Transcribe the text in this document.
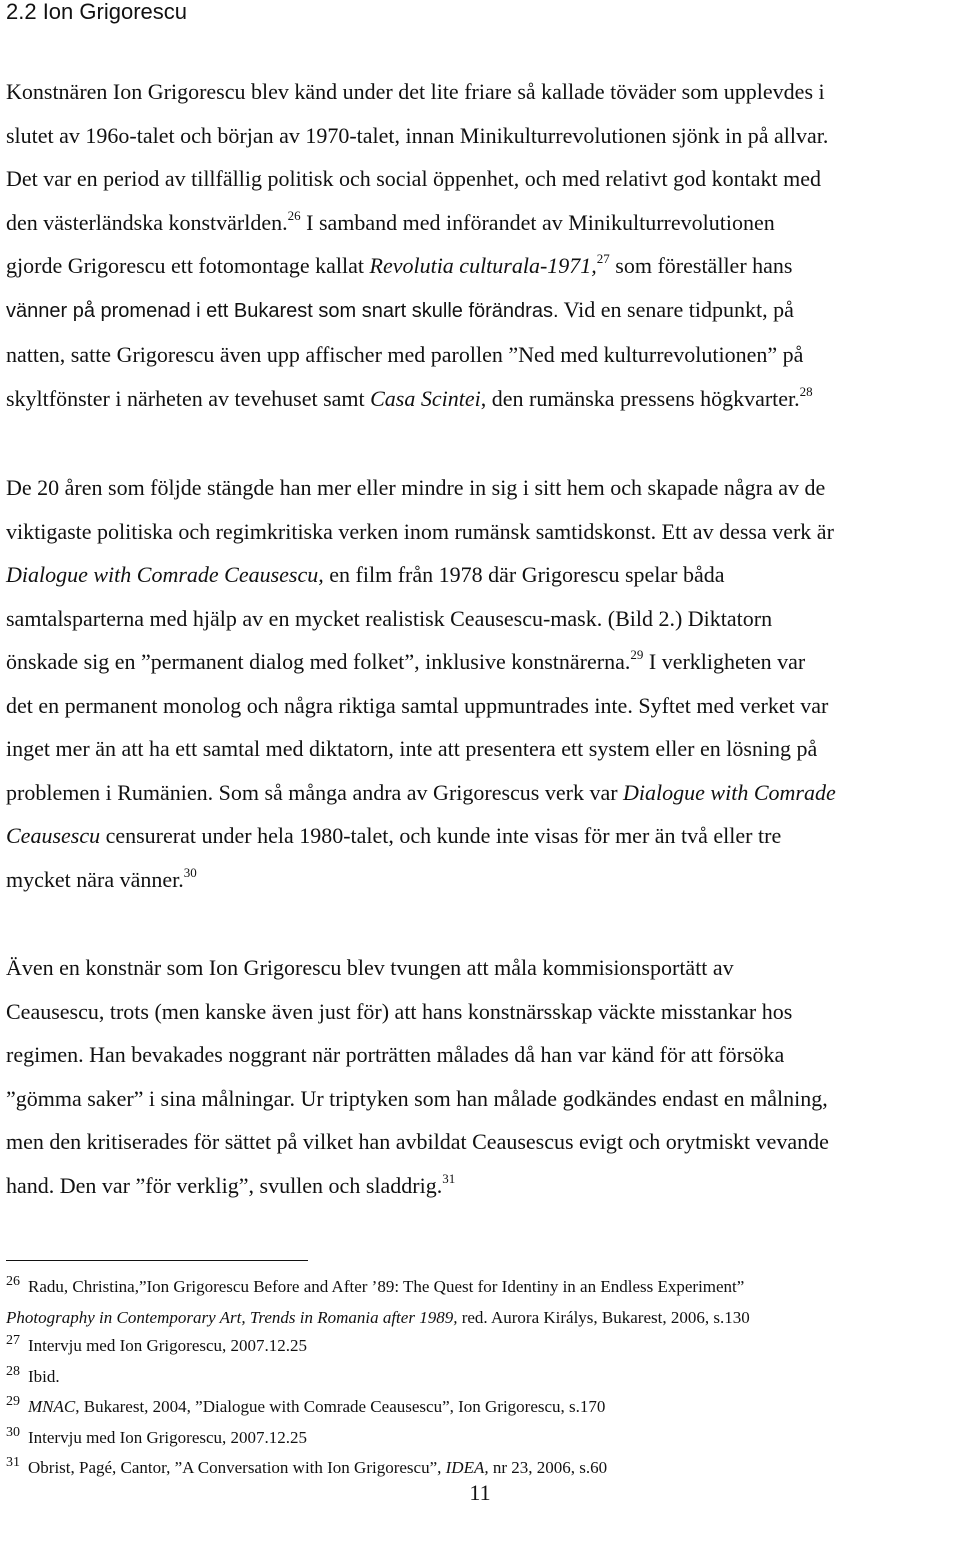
2.2 Ion Grigorescu

Konstnären Ion Grigorescu blev känd under det lite friare så kallade töväder som upplevdes i
slutet av 196o-talet och början av 1970-talet, innan Minikulturrevolutionen sjönk in på allvar.
Det var en period av tillfällig politisk och social öppenhet, och med relativt god kontakt med
den västerländska konstvärlden.$^{26}$ I samband med införandet av Minikulturrevolutionen
gjorde Grigorescu ett fotomontage kallat Revolutia culturala-1971,27 som föreställer hans
vänner på promenad i ett Bukarest som snart skulle förändras. Vid en senare tidpunkt, på
natten, satte Grigorescu även upp affischer med parollen ”Ned med kulturrevolutionen” på
skyltfönster i närheten av tevehuset samt Casa Scintei, den rumänska pressens högkvarter.$^{28}$

De 20 åren som följde stängde han mer eller mindre in sig i sitt hem och skapade några av de
viktigaste politiska och regimkritiska verken inom rumänsk samtidskonst. Ett av dessa verk är
Dialogue with Comrade Ceausescu, en film från 1978 där Grigorescu spelar båda
samtalsparterna med hjälp av en mycket realistisk Ceausescu-mask. (Bild 2.) Diktatorn
önskade sig en ”permanent dialog med folket”, inklusive konstnärerna.$^{29}$ I verkligheten var
det en permanent monolog och några riktiga samtal uppmuntrades inte. Syftet med verket var
inget mer än att ha ett samtal med diktatorn, inte att presentera ett system eller en lösning på
problemen i Rumänien. Som så många andra av Grigorescus verk var Dialogue with Comrade
Ceausescu censurerat under hela 1980-talet, och kunde inte visas för mer än två eller tre
mycket nära vänner.$^{30}$

Även en konstnär som Ion Grigorescu blev tvungen att måla kommisionsportätt av
Ceausescu, trots (men kanske även just för) att hans konstnärsskap väckte misstankar hos
regimen. Han bevakades noggrant när porträtten målades då han var känd för att försöka
”gömma saker” i sina målningar. Ur triptyken som han målade godkändes endast en målning,
men den kritiserades för sättet på vilket han avbildat Ceausescus evigt och orytmiskt vevande
hand. Den var ”för verklig”, svullen och sladdrig.$^{31}$

$^{26}$ Radu, Christina,”Ion Grigorescu Before and After ’89: The Quest for Identiny in an Endless Experiment”
Photography in Contemporary Art, Trends in Romania after 1989, red. Aurora Királys, Bukarest, 2006, s.130
$^{27}$ Intervju med Ion Grigorescu, 2007.12.25
$^{28}$ Ibid.
$^{29}$ MNAC, Bukarest, 2004, ”Dialogue with Comrade Ceausescu”, Ion Grigorescu, s.170
$^{30}$ Intervju med Ion Grigorescu, 2007.12.25
$^{31}$ Obrist, Pagé, Cantor, ”A Conversation with Ion Grigorescu”, IDEA, nr 23, 2006, s.60
11
